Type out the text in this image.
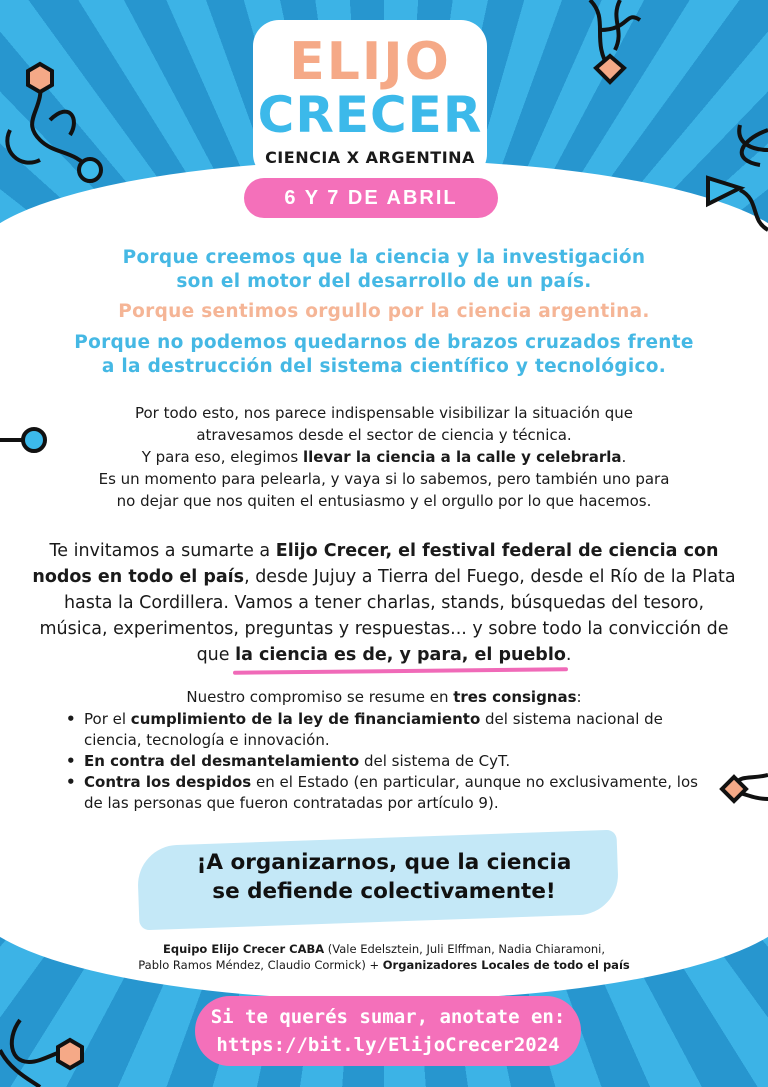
ELIJO
CRECER
CIENCIA X ARGENTINA
6 Y 7 DE ABRIL

Porque creemos que la ciencia y la investigación
son el motor del desarrollo de un país.

Porque sentimos orgullo por la ciencia argentina.

Porque no podemos quedarnos de brazos cruzados frente
a la destrucción del sistema científico y tecnológico.

Por todo esto, nos parece indispensable visibilizar la situación que
atravesamos desde el sector de ciencia y técnica.
Y para eso, elegimos llevar la ciencia a la calle y celebrarla.
Es un momento para pelearla, y vaya si lo sabemos, pero también uno para
no dejar que nos quiten el entusiasmo y el orgullo por lo que hacemos.

Te invitamos a sumarte a Elijo Crecer, el festival federal de ciencia con nodos en todo el país, desde Jujuy a Tierra del Fuego, desde el Río de la Plata hasta la Cordillera. Vamos a tener charlas, stands, búsquedas del tesoro, música, experimentos, preguntas y respuestas... y sobre todo la convicción de que la ciencia es de, y para, el pueblo.

Nuestro compromiso se resume en tres consignas:

• Por el cumplimiento de la ley de financiamiento del sistema nacional de ciencia, tecnología e innovación.
• En contra del desmantelamiento del sistema de CyT.
• Contra los despidos en el Estado (en particular, aunque no exclusivamente, los de las personas que fueron contratadas por artículo 9).

¡A organizarnos, que la ciencia
se defiende colectivamente!

Equipo Elijo Crecer CABA (Vale Edelsztein, Juli Elffman, Nadia Chiaramoni,
Pablo Ramos Méndez, Claudio Cormick) + Organizadores Locales de todo el país

Si te querés sumar, anotate en:
https://bit.ly/ElijoCrecer2024
